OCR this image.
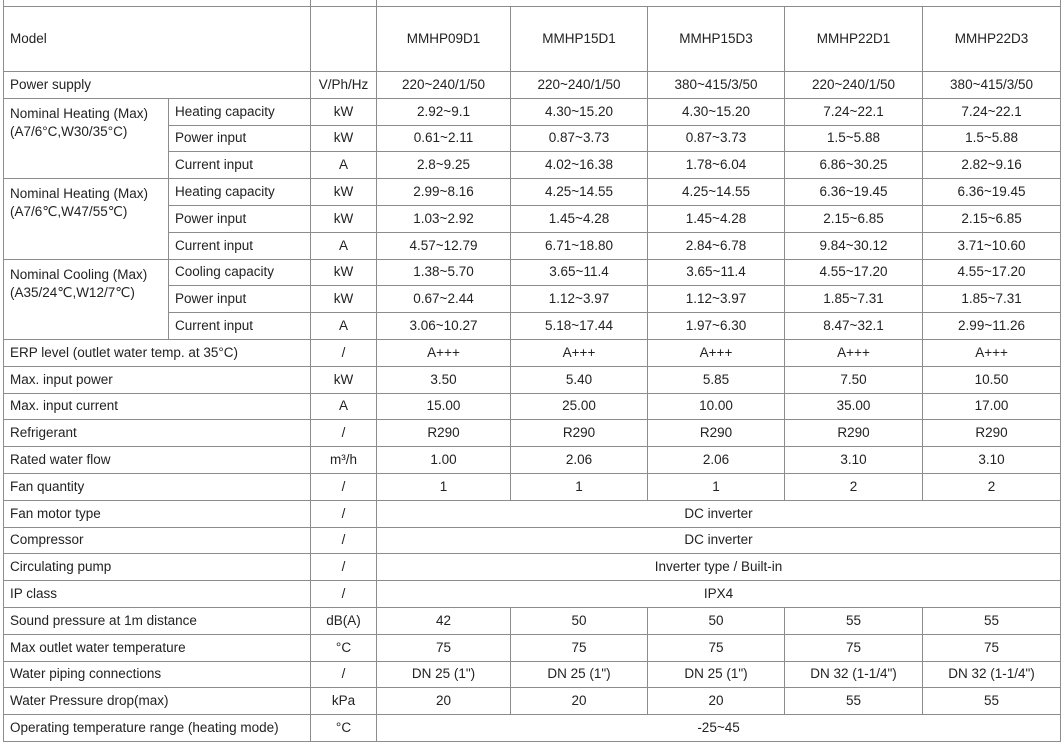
Model			MMHP09D1	MMHP15D1	MMHP15D3	MMHP22D1	MMHP22D3
Power supply		V/Ph/Hz	220~240/1/50	220~240/1/50	380~415/3/50	220~240/1/50	380~415/3/50
Nominal Heating (Max)
(A7/6°C,W30/35°C)	Heating capacity	kW	2.92~9.1	4.30~15.20	4.30~15.20	7.24~22.1	7.24~22.1
	Power input	kW	0.61~2.11	0.87~3.73	0.87~3.73	1.5~5.88	1.5~5.88
	Current input	A	2.8~9.25	4.02~16.38	1.78~6.04	6.86~30.25	2.82~9.16
Nominal Heating (Max)
(A7/6℃,W47/55℃)	Heating capacity	kW	2.99~8.16	4.25~14.55	4.25~14.55	6.36~19.45	6.36~19.45
	Power input	kW	1.03~2.92	1.45~4.28	1.45~4.28	2.15~6.85	2.15~6.85
	Current input	A	4.57~12.79	6.71~18.80	2.84~6.78	9.84~30.12	3.71~10.60
Nominal Cooling (Max)
(A35/24℃,W12/7℃)	Cooling capacity	kW	1.38~5.70	3.65~11.4	3.65~11.4	4.55~17.20	4.55~17.20
	Power input	kW	0.67~2.44	1.12~3.97	1.12~3.97	1.85~7.31	1.85~7.31
	Current input	A	3.06~10.27	5.18~17.44	1.97~6.30	8.47~32.1	2.99~11.26
ERP level (outlet water temp. at 35°C)		/	A+++	A+++	A+++	A+++	A+++
Max. input power		kW	3.50	5.40	5.85	7.50	10.50
Max. input current		A	15.00	25.00	10.00	35.00	17.00
Refrigerant		/	R290	R290	R290	R290	R290
Rated water flow		m³/h	1.00	2.06	2.06	3.10	3.10
Fan quantity		/	1	1	1	2	2
Fan motor type		/	DC inverter				
Compressor		/	DC inverter				
Circulating pump		/	Inverter type / Built-in				
IP class		/	IPX4				
Sound pressure at 1m distance		dB(A)	42	50	50	55	55
Max outlet water temperature		°C	75	75	75	75	75
Water piping connections		/	DN 25 (1")	DN 25 (1")	DN 25 (1")	DN 32 (1-1/4")	DN 32 (1-1/4")
Water Pressure drop(max)		kPa	20	20	20	55	55
Operating temperature range (heating mode)		°C	-25~45				
